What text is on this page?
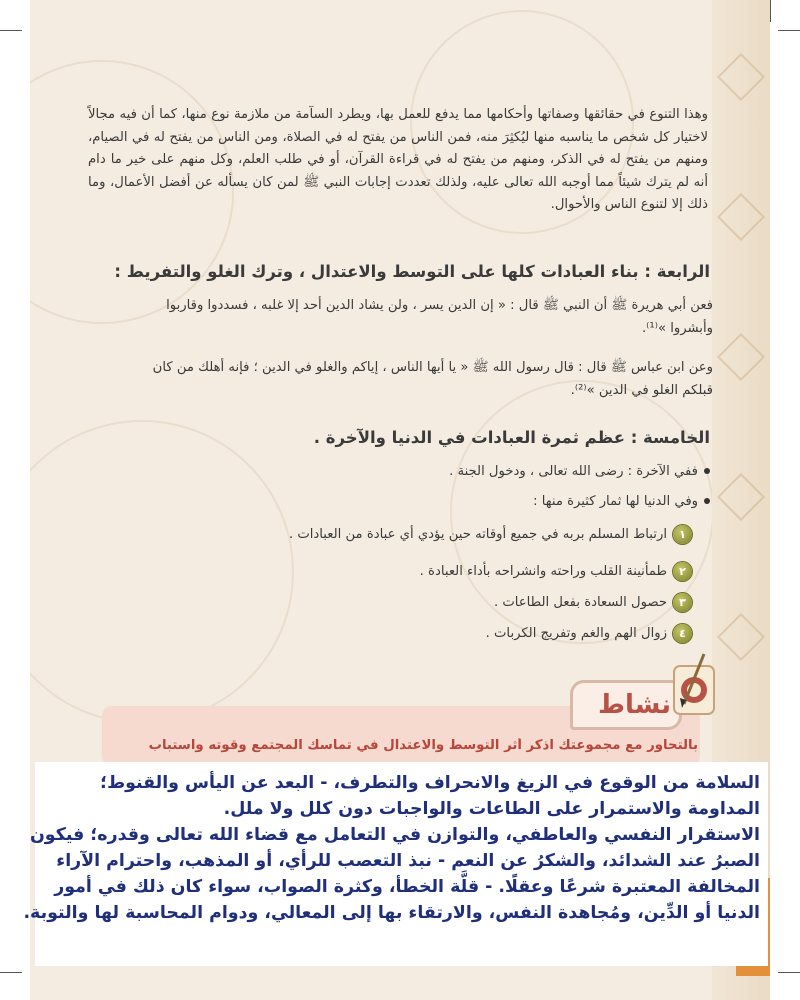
وهذا التنوع في حقائقها وصفاتها وأحكامها مما يدفع للعمل بها، ويطرد السآمة من ملازمة نوع منها، كما أن فيه مجالاً لاختيار كل شخص ما يناسبه منها ليُكثِرَ منه، فمن الناس من يفتح له في الصلاة، ومن الناس من يفتح له في الصيام، ومنهم من يفتح له في الذكر، ومنهم من يفتح له في قراءة القرآن، أو في طلب العلم، وكل منهم على خير ما دام أنه لم يترك شيئاً مما أوجبه الله تعالى عليه، ولذلك تعددت إجابات النبي ﷺ لمن كان يسأله عن أفضل الأعمال، وما ذلك إلا لتنوع الناس والأحوال.
الرابعة : بناء العبادات كلها على التوسط والاعتدال ، وترك الغلو والتفريط :
فعن أبي هريرة ﷺ أن النبي ﷺ قال : « إن الدين يسر ، ولن يشاد الدين أحد إلا غلبه ، فسددوا وقاربوا
وأبشروا »⁽¹⁾.
وعن ابن عباس ﷺ قال : قال رسول الله ﷺ « يا أيها الناس ، إياكم والغلو في الدين ؛ فإنه أهلك من كان
قبلكم الغلو في الدين »⁽²⁾.
الخامسة : عظم ثمرة العبادات في الدنيا والآخرة .
ففي الآخرة : رضى الله تعالى ، ودخول الجنة .
وفي الدنيا لها ثمار كثيرة منها :
١
ارتباط المسلم بربه في جميع أوقاته حين يؤدي أي عبادة من العبادات .
٢
طمأنينة القلب وراحته وانشراحه بأداء العبادة .
٣
حصول السعادة بفعل الطاعات .
٤
زوال الهم والغم وتفريج الكربات .
نشاط
بالتحاور مع مجموعتك اذكر أثر التوسط والاعتدال في تماسك المجتمع وقوته واستباب
السلامة من الوقوع في الزيغ والانحراف والتطرف، - البعد عن اليأس والقنوط؛
المداومة والاستمرار على الطاعات والواجبات دون كلل ولا ملل.
الاستقرار النفسي والعاطفي، والتوازن في التعامل مع قضاء الله تعالى وقدره؛ فيكون
الصبرُ عند الشدائد، والشكرُ عن النعم - نبذ التعصب للرأي، أو المذهب، واحترام الآراء
المخالفة المعتبرة شرعًا وعقلًا. - قلَّة الخطأ، وكثرة الصواب، سواء كان ذلك في أمور
الدنيا أو الدِّين، ومُجاهدة النفس، والارتقاء بها إلى المعالي، ودوام المحاسبة لها والتوبة.
